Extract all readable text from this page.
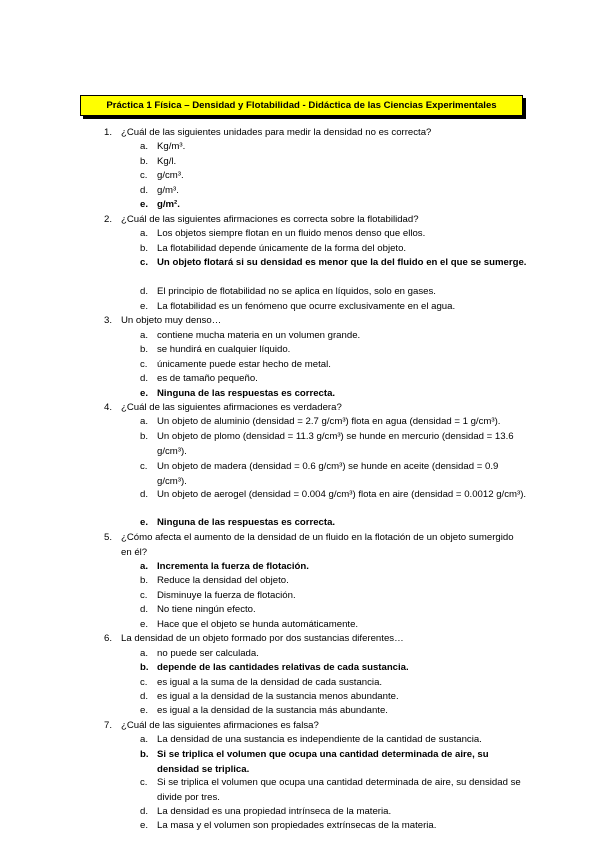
Práctica 1 Física – Densidad y Flotabilidad - Didáctica de las Ciencias Experimentales
1. ¿Cuál de las siguientes unidades para medir la densidad no es correcta?
a. Kg/m³.
b. Kg/l.
c. g/cm³.
d. g/m³.
e. g/m².
2. ¿Cuál de las siguientes afirmaciones es correcta sobre la flotabilidad?
a. Los objetos siempre flotan en un fluido menos denso que ellos.
b. La flotabilidad depende únicamente de la forma del objeto.
c. Un objeto flotará si su densidad es menor que la del fluido en el que se sumerge.
d. El principio de flotabilidad no se aplica en líquidos, solo en gases.
e. La flotabilidad es un fenómeno que ocurre exclusivamente en el agua.
3. Un objeto muy denso…
a. contiene mucha materia en un volumen grande.
b. se hundirá en cualquier líquido.
c. únicamente puede estar hecho de metal.
d. es de tamaño pequeño.
e. Ninguna de las respuestas es correcta.
4. ¿Cuál de las siguientes afirmaciones es verdadera?
a. Un objeto de aluminio (densidad = 2.7 g/cm³) flota en agua (densidad = 1 g/cm³).
b. Un objeto de plomo (densidad = 11.3 g/cm³) se hunde en mercurio (densidad = 13.6 g/cm³).
c. Un objeto de madera (densidad = 0.6 g/cm³) se hunde en aceite (densidad = 0.9 g/cm³).
d. Un objeto de aerogel (densidad = 0.004 g/cm³) flota en aire (densidad = 0.0012 g/cm³).
e. Ninguna de las respuestas es correcta.
5. ¿Cómo afecta el aumento de la densidad de un fluido en la flotación de un objeto sumergido en él?
a. Incrementa la fuerza de flotación.
b. Reduce la densidad del objeto.
c. Disminuye la fuerza de flotación.
d. No tiene ningún efecto.
e. Hace que el objeto se hunda automáticamente.
6. La densidad de un objeto formado por dos sustancias diferentes…
a. no puede ser calculada.
b. depende de las cantidades relativas de cada sustancia.
c. es igual a la suma de la densidad de cada sustancia.
d. es igual a la densidad de la sustancia menos abundante.
e. es igual a la densidad de la sustancia más abundante.
7. ¿Cuál de las siguientes afirmaciones es falsa?
a. La densidad de una sustancia es independiente de la cantidad de sustancia.
b. Si se triplica el volumen que ocupa una cantidad determinada de aire, su densidad se triplica.
c. Si se triplica el volumen que ocupa una cantidad determinada de aire, su densidad se divide por tres.
d. La densidad es una propiedad intrínseca de la materia.
e. La masa y el volumen son propiedades extrínsecas de la materia.
